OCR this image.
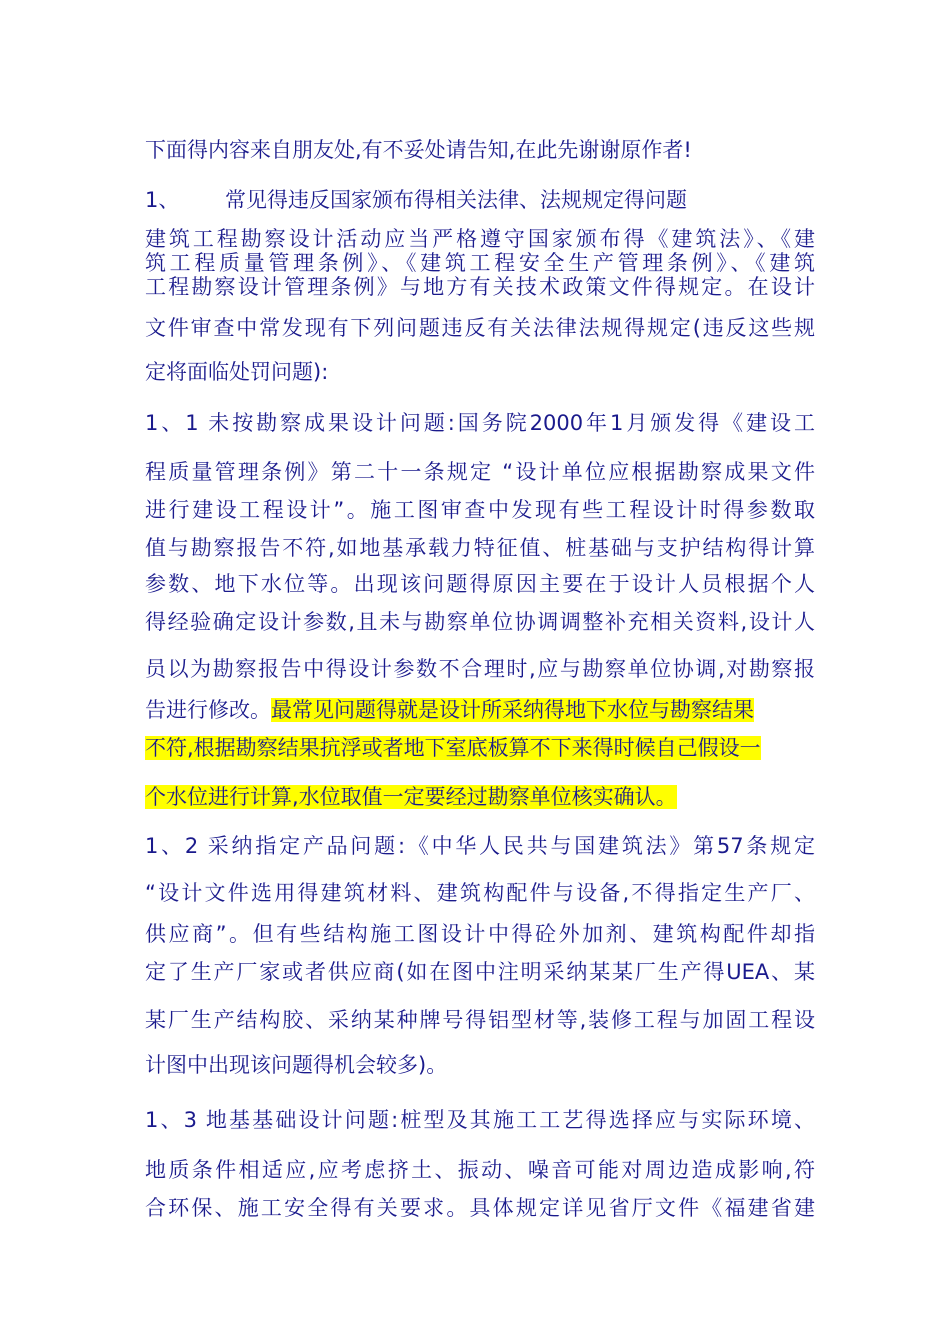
下面得内容来自朋友处,有不妥处请告知,在此先谢谢原作者!
1、 常见得违反国家颁布得相关法律、法规规定得问题
建筑工程勘察设计活动应当严格遵守国家颁布得《建筑法》、《建
筑工程质量管理条例》、《建筑工程安全生产管理条例》、《建筑
工程勘察设计管理条例》与地方有关技术政策文件得规定。在设计
文件审查中常发现有下列问题违反有关法律法规得规定(违反这些规
定将面临处罚问题):
1、1 未按勘察成果设计问题:国务院2000年1月颁发得《建设工
程质量管理条例》第二十一条规定 “设计单位应根据勘察成果文件
进行建设工程设计”。施工图审查中发现有些工程设计时得参数取
值与勘察报告不符,如地基承载力特征值、桩基础与支护结构得计算
参数、地下水位等。出现该问题得原因主要在于设计人员根据个人
得经验确定设计参数,且未与勘察单位协调调整补充相关资料,设计人
员以为勘察报告中得设计参数不合理时,应与勘察单位协调,对勘察报
告进行修改。最常见问题得就是设计所采纳得地下水位与勘察结果
不符,根据勘察结果抗浮或者地下室底板算不下来得时候自己假设一
个水位进行计算,水位取值一定要经过勘察单位核实确认。
1、2 采纳指定产品问题:《中华人民共与国建筑法》第57条规定
“设计文件选用得建筑材料、建筑构配件与设备,不得指定生产厂、
供应商”。但有些结构施工图设计中得砼外加剂、建筑构配件却指
定了生产厂家或者供应商(如在图中注明采纳某某厂生产得UEA、某
某厂生产结构胶、采纳某种牌号得铝型材等,装修工程与加固工程设
计图中出现该问题得机会较多)。
1、3 地基基础设计问题:桩型及其施工工艺得选择应与实际环境、
地质条件相适应,应考虑挤土、振动、噪音可能对周边造成影响,符
合环保、施工安全得有关要求。具体规定详见省厅文件《福建省建
